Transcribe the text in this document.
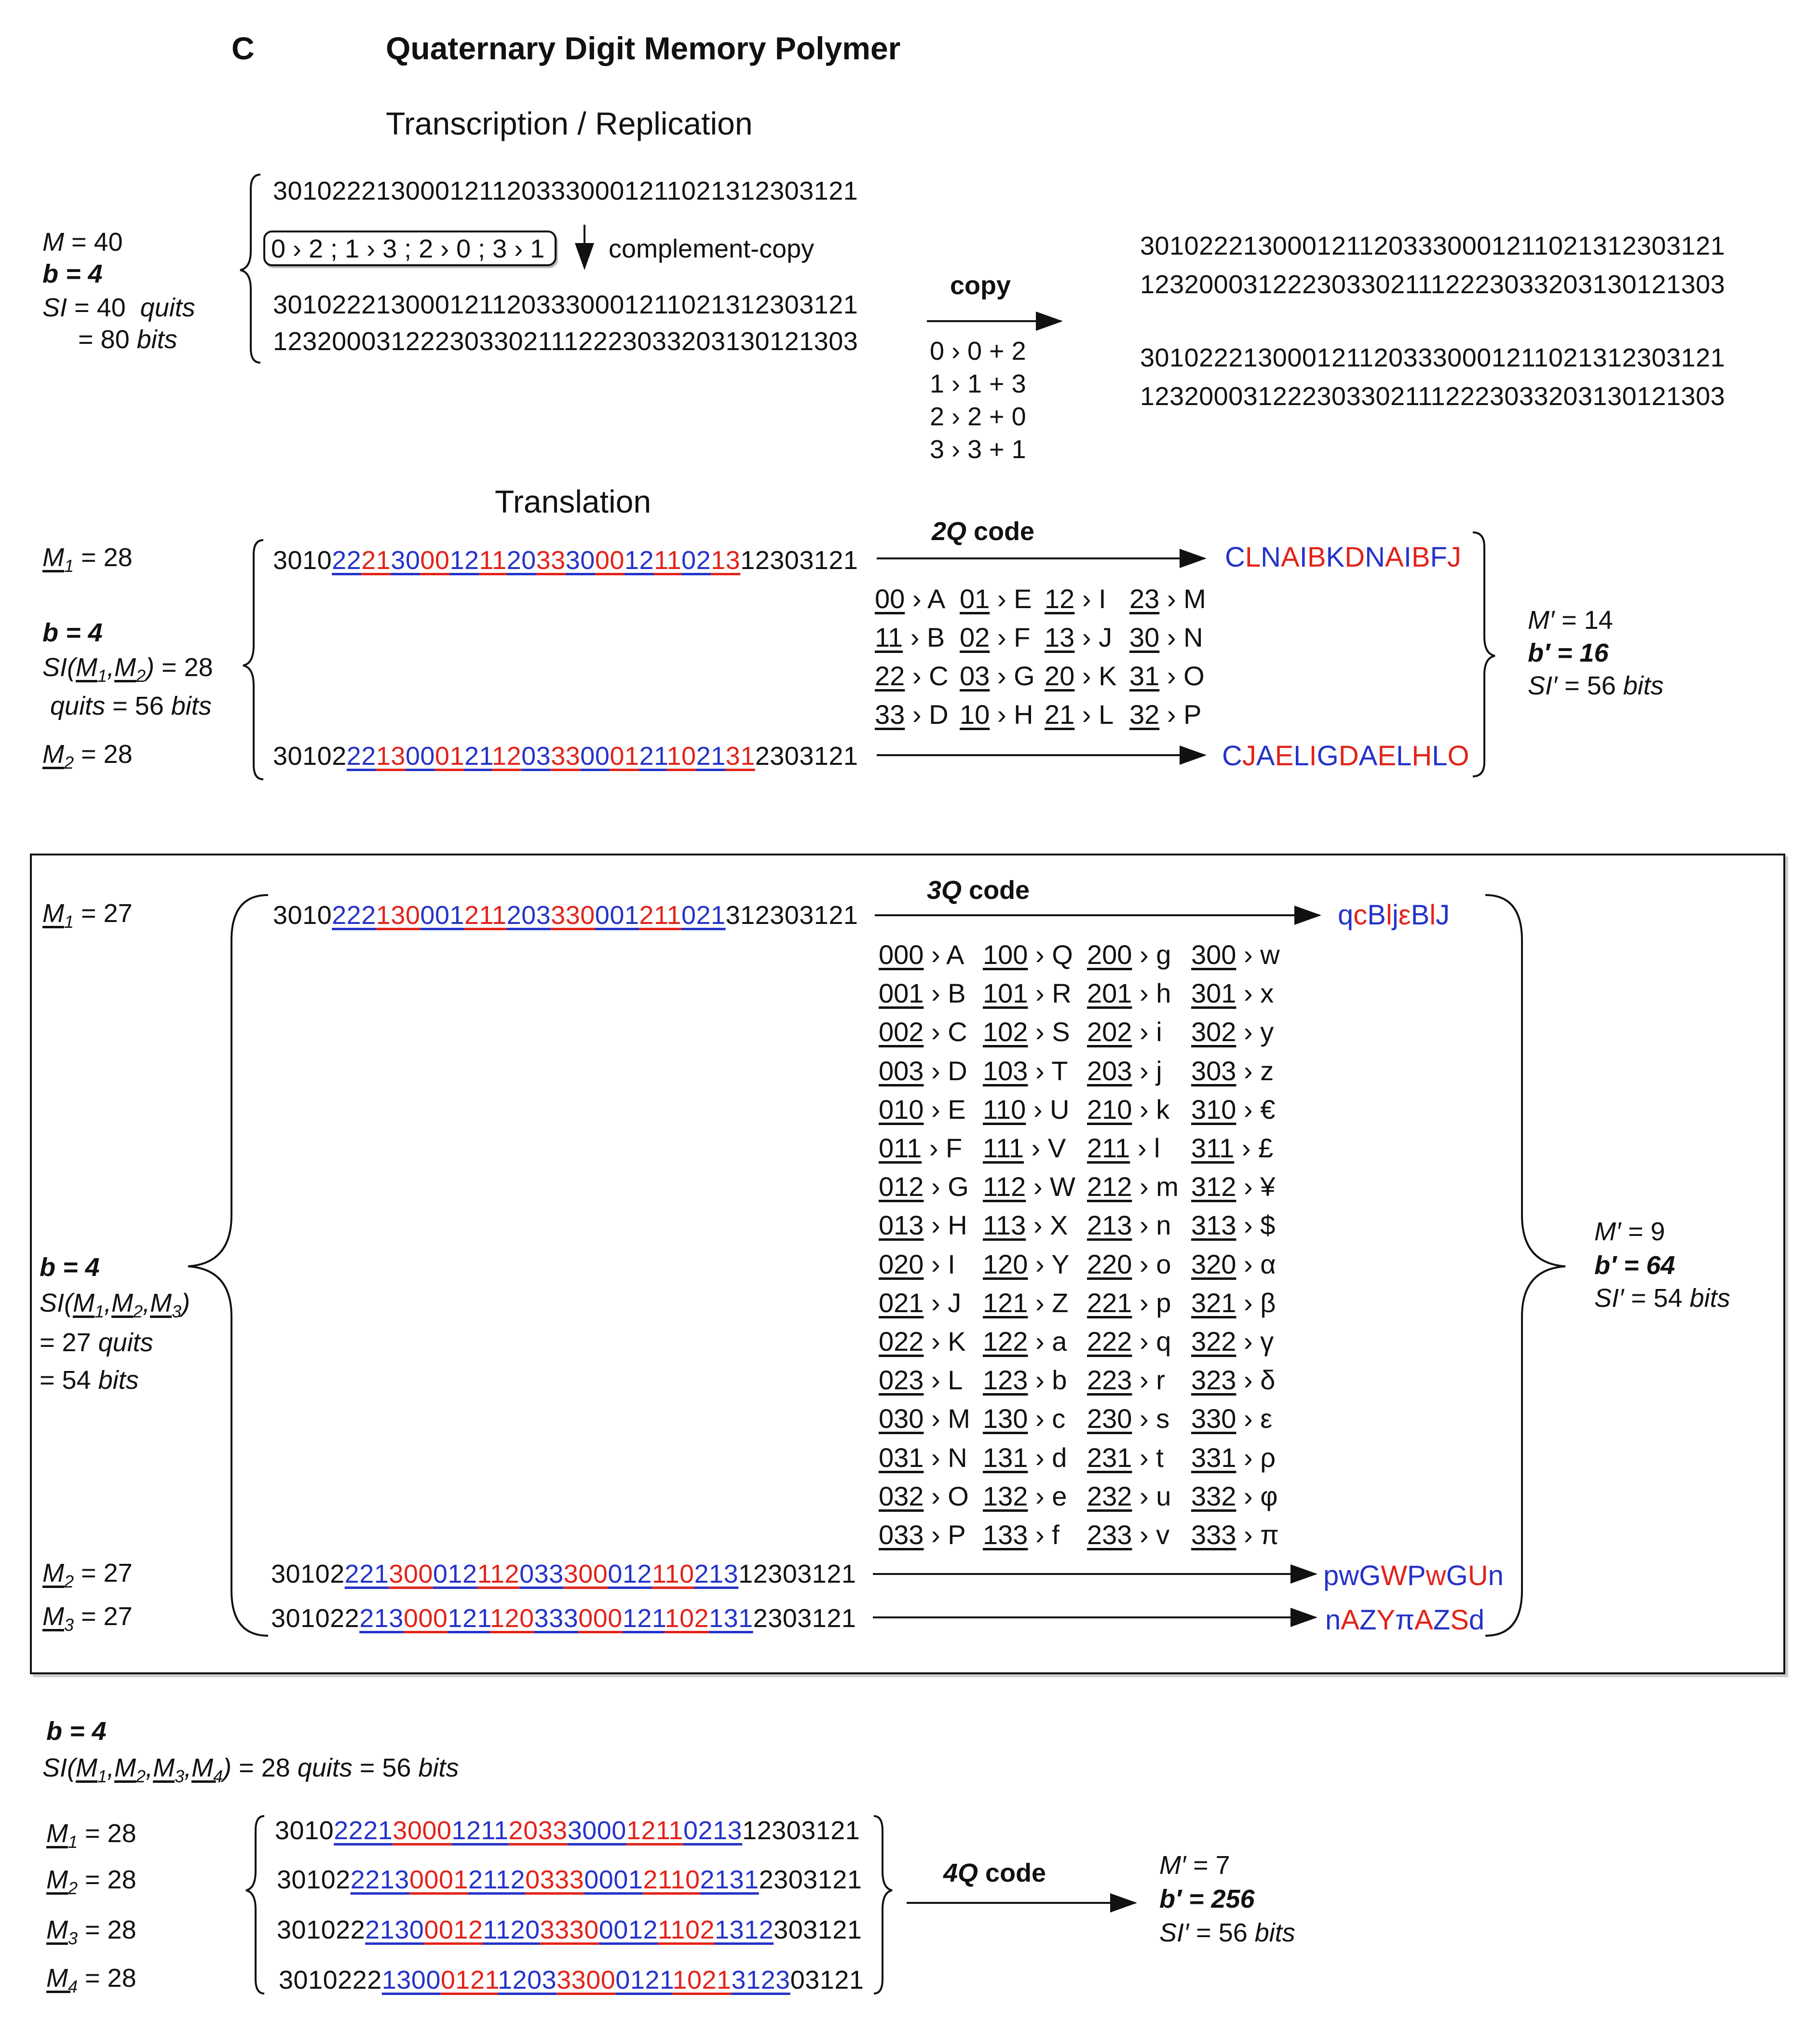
C	Quaternary Digit Memory Polymer
Transcription / Replication
M = 40
b = 4
SI = 40  quits
= 80 bits
3010222130001211203330001211021312303121
0 › 2 ; 1 › 3 ; 2 › 0 ; 3 › 1 complement-copy
3010222130001211203330001211021312303121
1232000312223033021112223033203130121303
copy
0 › 0 + 2
1 › 1 + 3
2 › 2 + 0
3 › 3 + 1
3010222130001211203330001211021312303121
1232000312223033021112223033203130121303
3010222130001211203330001211021312303121
1232000312223033021112223033203130121303
Translation
2Q code
$M_1 = 28$
b = 4
$SI(M_1,M_2) = 28$
quits = 56 bits
$M_2 = 28$
3010222130001211203330001211021312303121
3010222130001211203330001211021312303121
00 › A 01 › E 12 › I 23 › M
11 › B 02 › F 13 › J 30 › N
22 › C 03 › G 20 › K 31 › O
33 › D 10 › H 21 › L 32 › P
CLNAIBKDNAIBFJ
CJAELIGDAELHLO
M′ = 14
b′ = 16
SI′ = 56 bits
3Q code
$M_1 = 27$
b = 4
$SI(M_1,M_2,M_3)$
= 27 quits
= 54 bits
$M_2 = 27$
$M_3 = 27$
3010222130001211203330001211021312303121
3010222130001211203330001211021312303121
3010222130001211203330001211021312303121
000 › A 100 › Q 200 › g 300 › w
001 › B 101 › R 201 › h 301 › x
002 › C 102 › S 202 › i 302 › y
003 › D 103 › T 203 › j 303 › z
010 › E 110 › U 210 › k 310 › €
011 › F 111 › V 211 › l 311 › £
012 › G 112 › W 212 › m 312 › ¥
013 › H 113 › X 213 › n 313 › $
020 › I 120 › Y 220 › o 320 › α
021 › J 121 › Z 221 › p 321 › β
022 › K 122 › a 222 › q 322 › γ
023 › L 123 › b 223 › r 323 › δ
030 › M 130 › c 230 › s 330 › ε
031 › N 131 › d 231 › t 331 › ρ
032 › O 132 › e 232 › u 332 › φ
033 › P 133 › f 233 › v 333 › π
qcBljεBlJ
pwGWPwGUn
nAZYπAZSd
M′ = 9
b′ = 64
SI′ = 54 bits
b = 4
$SI(M_1,M_2,M_3,M_4) = 28$ quits = 56 bits
$M_1 = 28$
$M_2 = 28$
$M_3 = 28$
$M_4 = 28$
3010222130001211203330001211021312303121
3010222130001211203330001211021312303121
3010222130001211203330001211021312303121
3010222130001211203330001211021312303121
4Q code	M′ = 7
b′ = 256
SI′ = 56 bits
